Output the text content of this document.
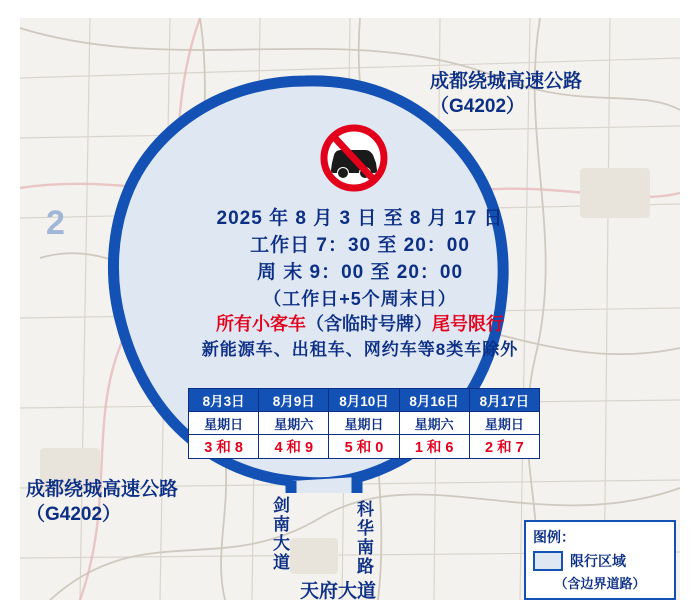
2	2025 年 8 月 3 日 至 8 月 17 日
工作日 7：30 至 20：00
周 末 9：00 至 20：00
（工作日+5个周末日）
所有小客车（含临时号牌）尾号限行
新能源车、出租车、网约车等8类车除外
8月3日	8月9日	8月10日	8月16日	8月17日
星期日	星期六	星期日	星期六	星期日
3 和 8	4 和 9	5 和 0	1 和 6	2 和 7
成都绕城高速公路
（G4202）
成都绕城高速公路
（G4202）	剑南大道	科华南路
天府大道
图例：
限行区域
（含边界道路）
